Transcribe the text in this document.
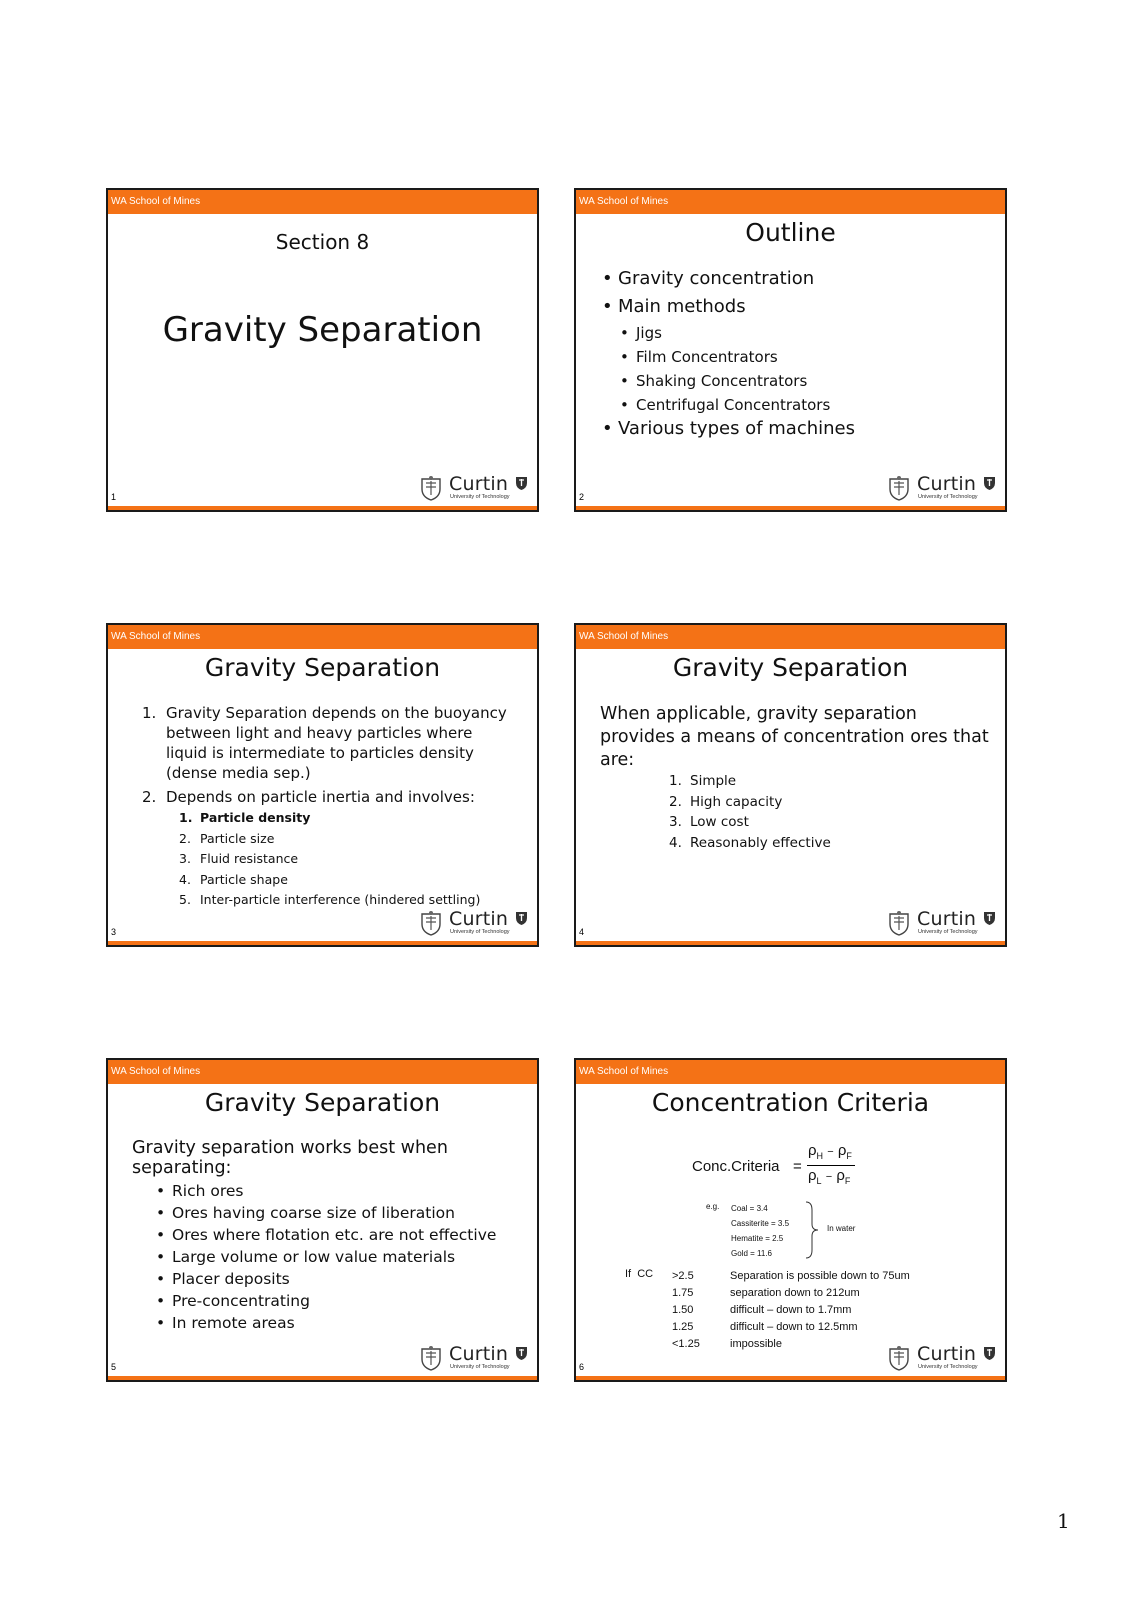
WA School of Mines
Section 8
Gravity Separation
1
Curtin
University of Technology
WA School of Mines
Outline
• Gravity concentration
• Main methods
• Jigs
• Film Concentrators
• Shaking Concentrators
• Centrifugal Concentrators
• Various types of machines
2
Curtin
University of Technology
WA School of Mines
Gravity Separation
1. Gravity Separation depends on the buoyancy between light and heavy particles where liquid is intermediate to particles density (dense media sep.)
2. Depends on particle inertia and involves:
1. Particle density
2. Particle size
3. Fluid resistance
4. Particle shape
5. Inter-particle interference (hindered settling)
3
Curtin
University of Technology
WA School of Mines
Gravity Separation
When applicable, gravity separation provides a means of concentration ores that are:
1. Simple
2. High capacity
3. Low cost
4. Reasonably effective
4
Curtin
University of Technology
WA School of Mines
Gravity Separation
Gravity separation works best when separating:
• Rich ores
• Ores having coarse size of liberation
• Ores where flotation etc. are not effective
• Large volume or low value materials
• Placer deposits
• Pre-concentrating
• In remote areas
5
Curtin
University of Technology
WA School of Mines
Concentration Criteria
Conc.Criteria =
$\rho_H - \rho_F$
$\rho_L - \rho_F$
e.g. Coal = 3.4
Cassiterite = 3.5
Hematite = 2.5
Gold = 11.6
In water
If  CC >2.5
1.75
1.50
1.25
<1.25
Separation is possible down to 75um
separation down to 212um
difficult – down to 1.7mm
difficult – down to 12.5mm
impossible
6
Curtin
University of Technology
1
